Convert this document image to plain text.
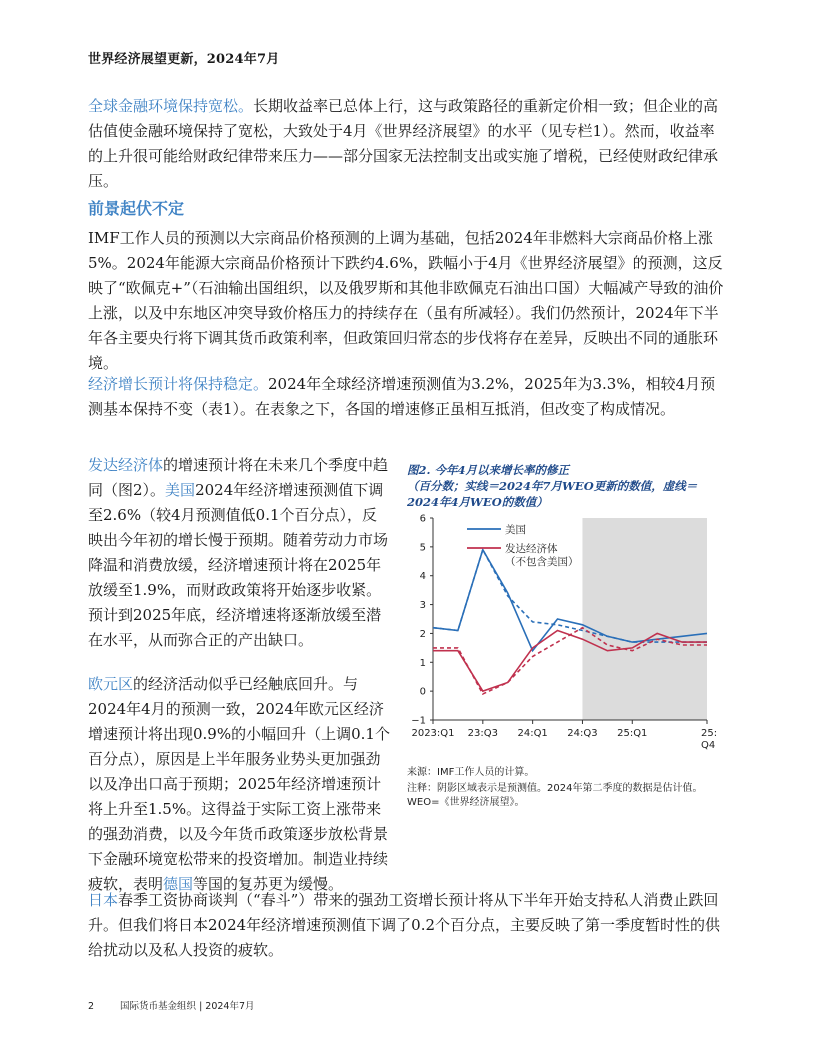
世界经济展望更新，2024年7月

全球金融环境保持宽松。长期收益率已总体上行，这与政策路径的重新定价相一致；但企业的高估值使金融环境保持了宽松，大致处于4月《世界经济展望》的水平（见专栏1）。然而，收益率的上升很可能给财政纪律带来压力——部分国家无法控制支出或实施了增税，已经使财政纪律承压。

前景起伏不定

IMF工作人员的预测以大宗商品价格预测的上调为基础，包括2024年非燃料大宗商品价格上涨5%。2024年能源大宗商品价格预计下跌约4.6%，跌幅小于4月《世界经济展望》的预测，这反映了“欧佩克+”（石油输出国组织，以及俄罗斯和其他非欧佩克石油出口国）大幅减产导致的油价上涨，以及中东地区冲突导致价格压力的持续存在（虽有所减轻）。我们仍然预计，2024年下半年各主要央行将下调其货币政策利率，但政策回归常态的步伐将存在差异，反映出不同的通胀环境。

经济增长预计将保持稳定。2024年全球经济增速预测值为3.2%，2025年为3.3%，相较4月预测基本保持不变（表1）。在表象之下，各国的增速修正虽相互抵消，但改变了构成情况。

发达经济体的增速预计将在未来几个季度中趋同（图2）。美国2024年经济增速预测值下调至2.6%（较4月预测值低0.1个百分点），反映出今年初的增长慢于预期。随着劳动力市场降温和消费放缓，经济增速预计将在2025年放缓至1.9%，而财政政策将开始逐步收紧。预计到2025年底，经济增速将逐渐放缓至潜在水平，从而弥合正的产出缺口。

欧元区的经济活动似乎已经触底回升。与2024年4月的预测一致，2024年欧元区经济增速预计将出现0.9%的小幅回升（上调0.1个百分点），原因是上半年服务业势头更加强劲以及净出口高于预期；2025年经济增速预计将上升至1.5%。这得益于实际工资上涨带来的强劲消费，以及今年货币政策逐步放松背景下金融环境宽松带来的投资增加。制造业持续疲软，表明德国等国的复苏更为缓慢。

日本春季工资协商谈判（“春斗”）带来的强劲工资增长预计将从下半年开始支持私人消费止跌回升。但我们将日本2024年经济增速预测值下调了0.2个百分点，主要反映了第一季度暂时性的供给扰动以及私人投资的疲软。

图2. 今年4月以来增长率的修正
（百分数；实线＝2024年7月WEO更新的数值，虚线＝
2024年4月WEO的数值）
−1
0
1
2
3
4
5
6
2023:Q1 23:Q3 24:Q1 24:Q3 25:Q1	25:
Q4
美国
发达经济体
（不包含美国）
来源：IMF工作人员的计算。
注释：阴影区域表示是预测值。2024年第二季度的数据是估计值。WEO=《世界经济展望》。
2	国际货币基金组织 | 2024年7月
